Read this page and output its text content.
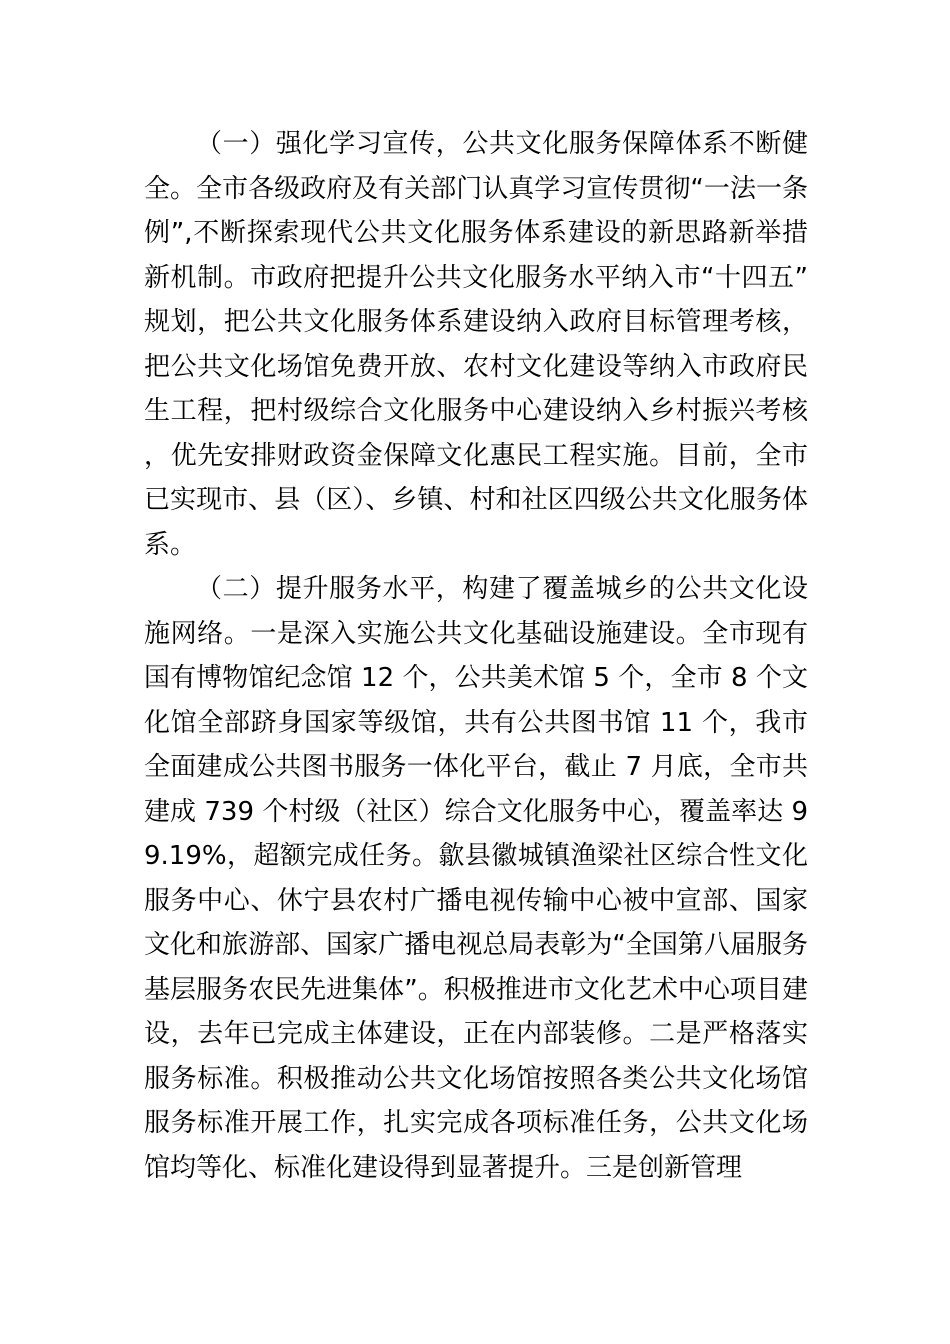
（一）强化学习宣传，公共文化服务保障体系不断健全。全市各级政府及有关部门认真学习宣传贯彻“一法一条例”,不断探索现代公共文化服务体系建设的新思路新举措新机制。市政府把提升公共文化服务水平纳入市“十四五”规划，把公共文化服务体系建设纳入政府目标管理考核，把公共文化场馆免费开放、农村文化建设等纳入市政府民生工程，把村级综合文化服务中心建设纳入乡村振兴考核，优先安排财政资金保障文化惠民工程实施。目前，全市已实现市、县（区）、乡镇、村和社区四级公共文化服务体系。

（二）提升服务水平，构建了覆盖城乡的公共文化设施网络。一是深入实施公共文化基础设施建设。全市现有国有博物馆纪念馆 12 个，公共美术馆 5 个，全市 8 个文化馆全部跻身国家等级馆，共有公共图书馆 11 个，我市全面建成公共图书服务一体化平台，截止 7 月底，全市共建成 739 个村级（社区）综合文化服务中心，覆盖率达 99.19%，超额完成任务。歙县徽城镇渔梁社区综合性文化服务中心、休宁县农村广播电视传输中心被中宣部、国家文化和旅游部、国家广播电视总局表彰为“全国第八届服务基层服务农民先进集体”。积极推进市文化艺术中心项目建设，去年已完成主体建设，正在内部装修。二是严格落实服务标准。积极推动公共文化场馆按照各类公共文化场馆服务标准开展工作，扎实完成各项标准任务，公共文化场馆均等化、标准化建设得到显著提升。三是创新管理
